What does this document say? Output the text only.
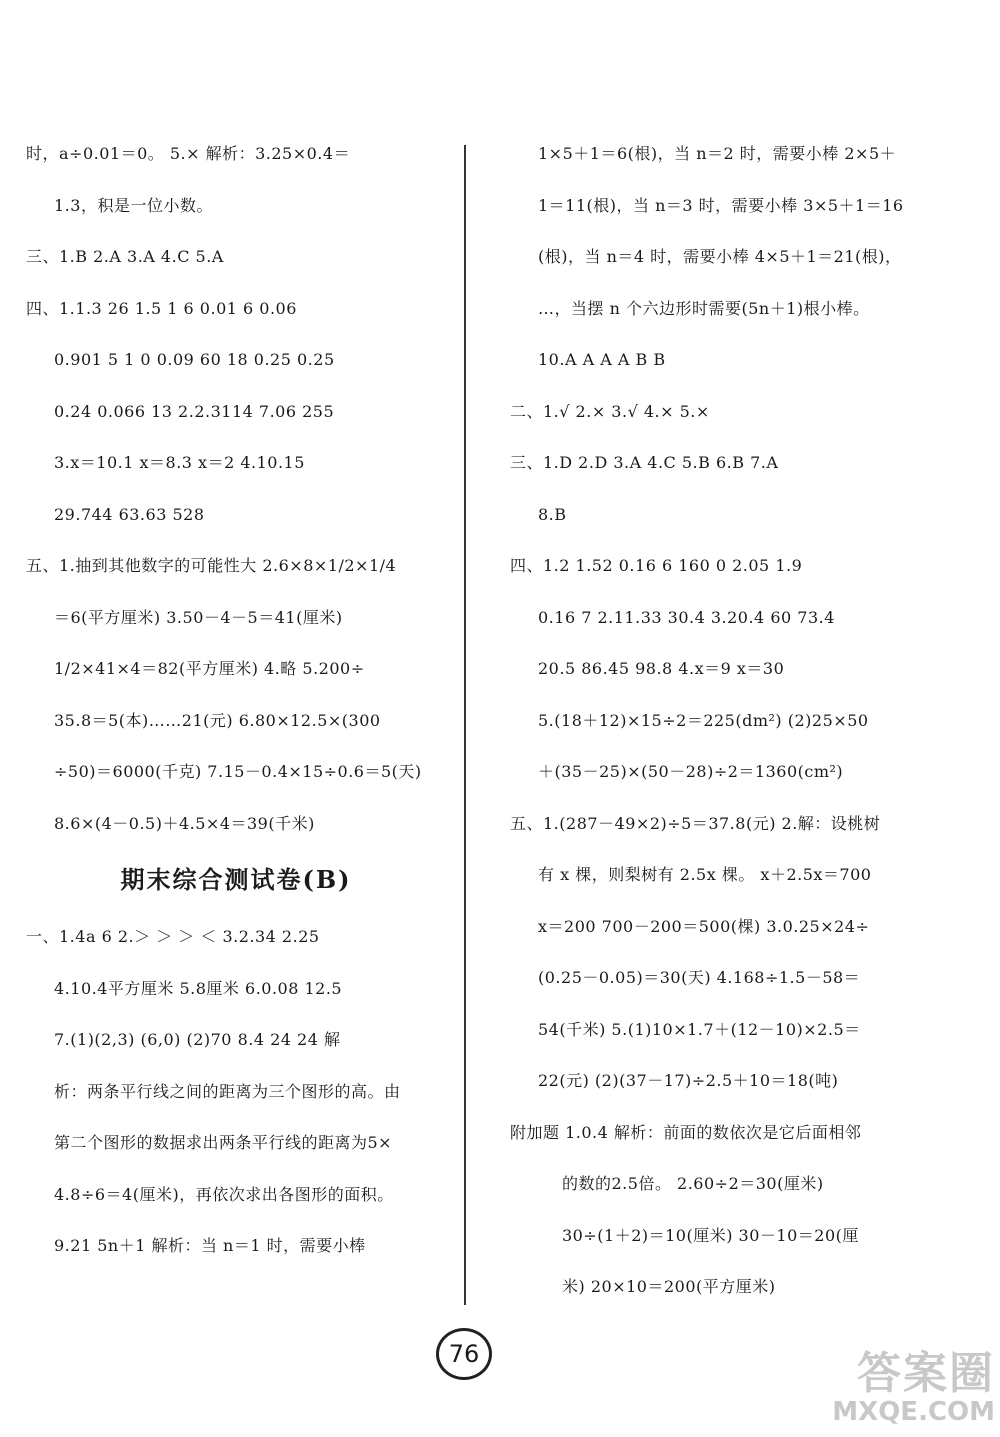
时，a÷0.01＝0。 5.× 解析：3.25×0.4＝
1.3，积是一位小数。
三、1.B 2.A 3.A 4.C 5.A
四、1.1.3 26 1.5 1 6 0.01 6 0.06
0.901 5 1 0 0.09 60 18 0.25 0.25
0.24 0.066 13 2.2.3114 7.06 255
3.x＝10.1 x＝8.3 x＝2 4.10.15
29.744 63.63 528
五、1.抽到其他数字的可能性大 2.6×8×1/2×1/4
＝6(平方厘米) 3.50－4－5＝41(厘米)
1/2×41×4＝82(平方厘米) 4.略 5.200÷
35.8＝5(本)……21(元) 6.80×12.5×(300
÷50)＝6000(千克) 7.15－0.4×15÷0.6＝5(天)
8.6×(4－0.5)＋4.5×4＝39(千米)
期末综合测试卷(B)
一、1.4a 6 2.＞ ＞ ＞ ＜ 3.2.34 2.25
4.10.4平方厘米 5.8厘米 6.0.08 12.5
7.(1)(2,3) (6,0) (2)70 8.4 24 24 解
析：两条平行线之间的距离为三个图形的高。由
第二个图形的数据求出两条平行线的距离为5×
4.8÷6＝4(厘米)，再依次求出各图形的面积。
9.21 5n＋1 解析：当 n＝1 时，需要小棒
1×5＋1＝6(根)，当 n＝2 时，需要小棒 2×5＋
1＝11(根)，当 n＝3 时，需要小棒 3×5＋1＝16
(根)，当 n＝4 时，需要小棒 4×5＋1＝21(根)，
…，当摆 n 个六边形时需要(5n＋1)根小棒。
10.A A A A B B
二、1.√ 2.× 3.√ 4.× 5.×
三、1.D 2.D 3.A 4.C 5.B 6.B 7.A
8.B
四、1.2 1.52 0.16 6 160 0 2.05 1.9
0.16 7 2.11.33 30.4 3.20.4 60 73.4
20.5 86.45 98.8 4.x＝9 x＝30
5.(18＋12)×15÷2＝225(dm²) (2)25×50
＋(35－25)×(50－28)÷2＝1360(cm²)
五、1.(287－49×2)÷5＝37.8(元) 2.解：设桃树
有 x 棵，则梨树有 2.5x 棵。 x＋2.5x＝700
x＝200 700－200＝500(棵) 3.0.25×24÷
(0.25－0.05)＝30(天) 4.168÷1.5－58＝
54(千米) 5.(1)10×1.7＋(12－10)×2.5＝
22(元) (2)(37－17)÷2.5＋10＝18(吨)
附加题 1.0.4 解析：前面的数依次是它后面相邻
的数的2.5倍。 2.60÷2＝30(厘米)
30÷(1＋2)＝10(厘米) 30－10＝20(厘
米) 20×10＝200(平方厘米)
76	答案圈
MXQE.COM
